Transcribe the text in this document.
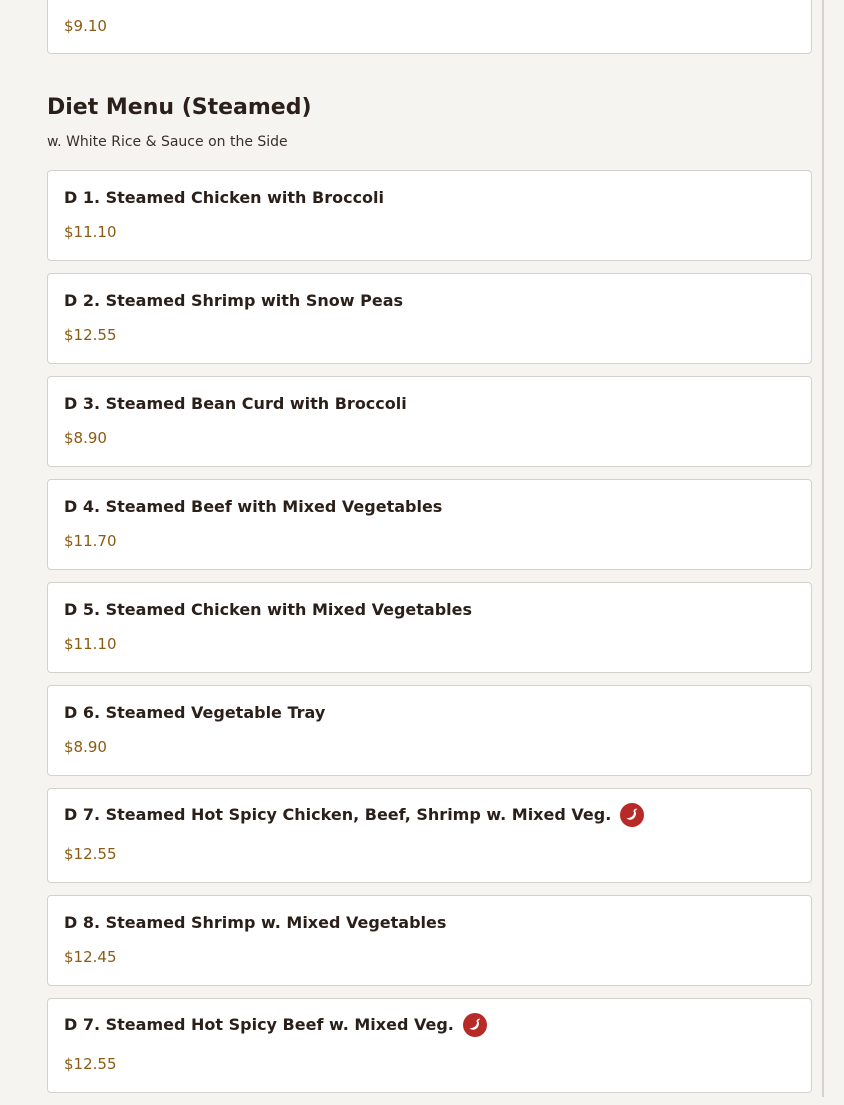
$9.10
Diet Menu (Steamed)

w. White Rice & Sauce on the Side

D 1. Steamed Chicken with Broccoli
$11.10
D 2. Steamed Shrimp with Snow Peas
$12.55
D 3. Steamed Bean Curd with Broccoli
$8.90
D 4. Steamed Beef with Mixed Vegetables
$11.70
D 5. Steamed Chicken with Mixed Vegetables
$11.10
D 6. Steamed Vegetable Tray
$8.90
D 7. Steamed Hot Spicy Chicken, Beef, Shrimp w. Mixed Veg.
$12.55
D 8. Steamed Shrimp w. Mixed Vegetables
$12.45
D 7. Steamed Hot Spicy Beef w. Mixed Veg.
$12.55
